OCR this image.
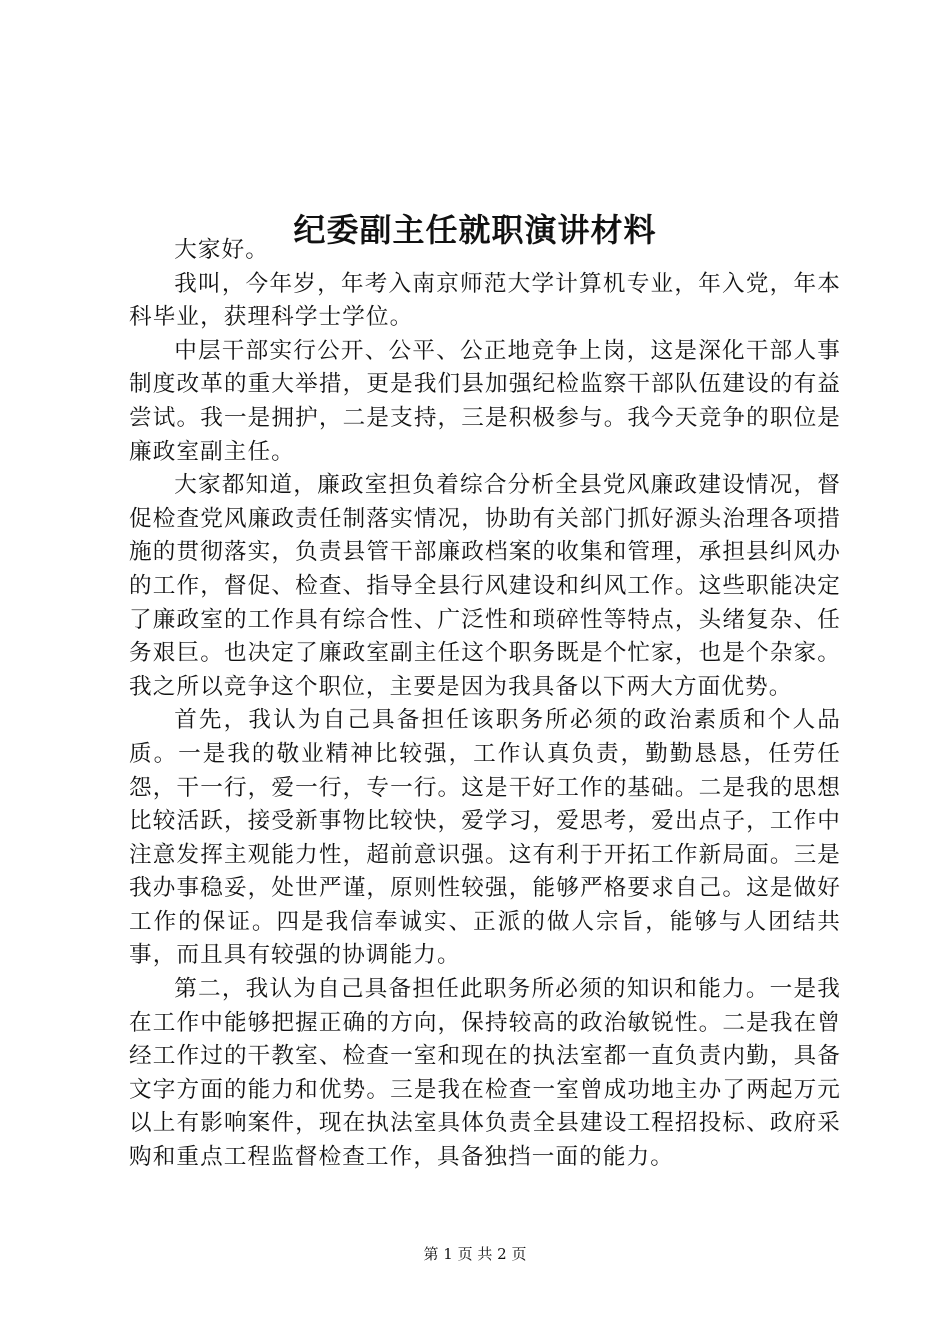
纪委副主任就职演讲材料

大家好。

我叫，今年岁，年考入南京师范大学计算机专业，年入党，年本科毕业，获理科学士学位。

中层干部实行公开、公平、公正地竞争上岗，这是深化干部人事制度改革的重大举措，更是我们县加强纪检监察干部队伍建设的有益尝试。我一是拥护，二是支持，三是积极参与。我今天竞争的职位是廉政室副主任。

大家都知道，廉政室担负着综合分析全县党风廉政建设情况，督促检查党风廉政责任制落实情况，协助有关部门抓好源头治理各项措施的贯彻落实，负责县管干部廉政档案的收集和管理，承担县纠风办的工作，督促、检查、指导全县行风建设和纠风工作。这些职能决定了廉政室的工作具有综合性、广泛性和琐碎性等特点，头绪复杂、任务艰巨。也决定了廉政室副主任这个职务既是个忙家，也是个杂家。我之所以竞争这个职位，主要是因为我具备以下两大方面优势。

首先，我认为自己具备担任该职务所必须的政治素质和个人品质。一是我的敬业精神比较强，工作认真负责，勤勤恳恳，任劳任怨，干一行，爱一行，专一行。这是干好工作的基础。二是我的思想比较活跃，接受新事物比较快，爱学习，爱思考，爱出点子，工作中注意发挥主观能力性，超前意识强。这有利于开拓工作新局面。三是我办事稳妥，处世严谨，原则性较强，能够严格要求自己。这是做好工作的保证。四是我信奉诚实、正派的做人宗旨，能够与人团结共事，而且具有较强的协调能力。

第二，我认为自己具备担任此职务所必须的知识和能力。一是我在工作中能够把握正确的方向，保持较高的政治敏锐性。二是我在曾经工作过的干教室、检查一室和现在的执法室都一直负责内勤，具备文字方面的能力和优势。三是我在检查一室曾成功地主办了两起万元以上有影响案件，现在执法室具体负责全县建设工程招投标、政府采购和重点工程监督检查工作，具备独挡一面的能力。

第 1 页 共 2 页
